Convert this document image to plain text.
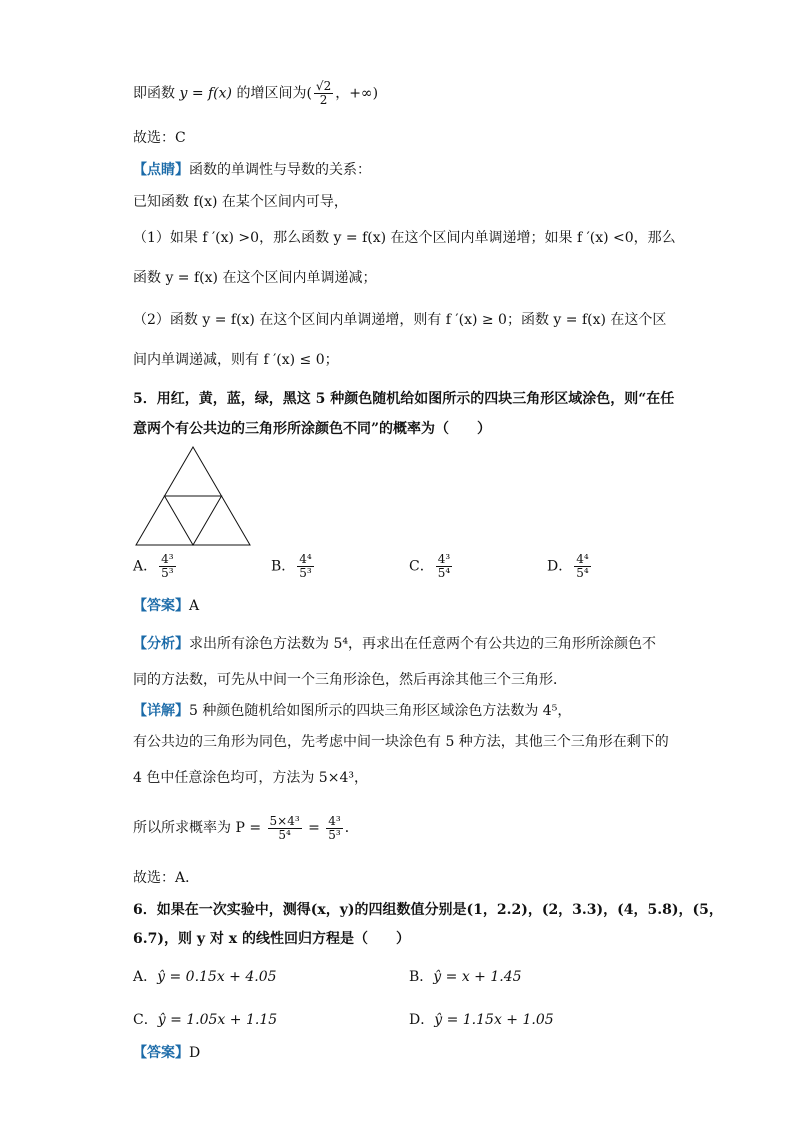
即函数 y = f(x) 的增区间为( $\frac{√2}{2}$ ，+∞)
故选：C
【点睛】函数的单调性与导数的关系：
已知函数 f(x) 在某个区间内可导，
（1）如果 f ′(x) >0，那么函数 y = f(x) 在这个区间内单调递增；如果 f ′(x) <0，那么
函数 y = f(x) 在这个区间内单调递减；
（2）函数 y = f(x) 在这个区间内单调递增，则有 f ′(x) ≥ 0；函数 y = f(x) 在这个区
间内单调递减，则有 f ′(x) ≤ 0；
5．用红，黄，蓝，绿，黑这 5 种颜色随机给如图所示的四块三角形区域涂色，则“在任
意两个有公共边的三角形所涂颜色不同”的概率为（　　）
A． $\frac{\text{4³}}{\text{5³}}$	B． $\frac{\text{4⁴}}{\text{5³}}$	C． $\frac{\text{4³}}{\text{5⁴}}$	D． $\frac{\text{4⁴}}{\text{5⁴}}$
【答案】A
【分析】求出所有涂色方法数为 5⁴，再求出在任意两个有公共边的三角形所涂颜色不
同的方法数，可先从中间一个三角形涂色，然后再涂其他三个三角形．
【详解】5 种颜色随机给如图所示的四块三角形区域涂色方法数为 4⁵，
有公共边的三角形为同色，先考虑中间一块涂色有 5 种方法，其他三个三角形在剩下的
4 色中任意涂色均可，方法为 5×4³，
所以所求概率为 $P = \frac{\text{5×4³}}{\text{5⁴}} = \frac{\text{4³}}{\text{5³}}$ ．
故选：A．
6．如果在一次实验中，测得(x，y)的四组数值分别是(1，2.2)，(2，3.3)，(4，5.8)，(5，
6.7)，则 y 对 x 的线性回归方程是（　　）
A．ŷ = 0.15x + 4.05	B．ŷ = x + 1.45
C．ŷ = 1.05x + 1.15	D．ŷ = 1.15x + 1.05
【答案】D
